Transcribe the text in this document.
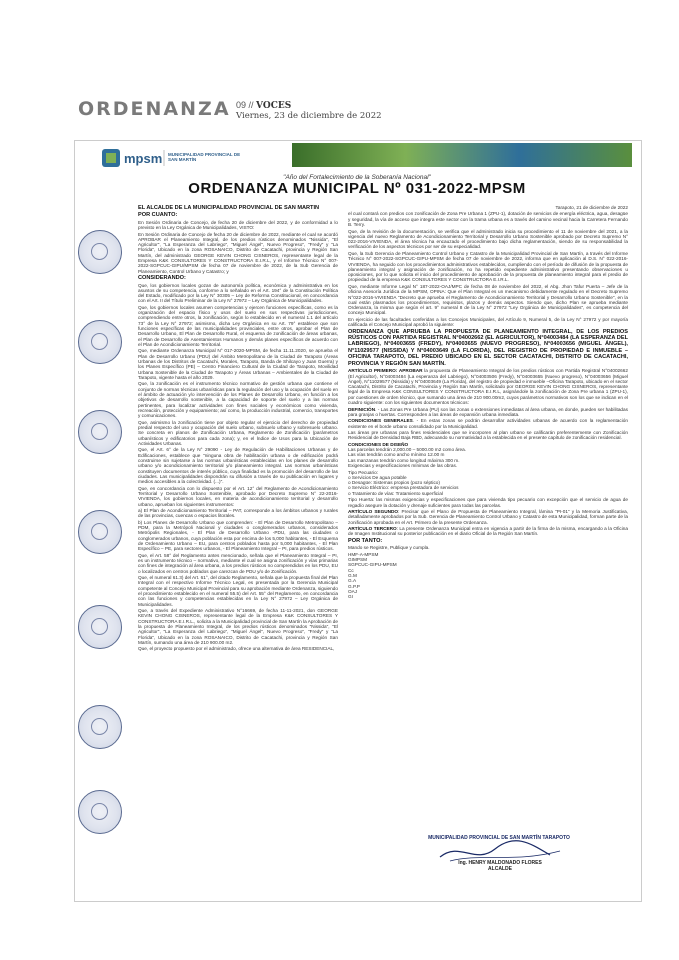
ORDENANZA 09 // VOCES
Viernes, 23 de diciembre de 2022
mpsm MUNICIPALIDAD PROVINCIAL DE SAN MARTÍN
"Año del Fortalecimiento de la Soberanía Nacional"
ORDENANZA MUNICIPAL Nº 031-2022-MPSM

EL ALCALDE DE LA MUNICIPALIDAD PROVINCIAL DE SAN MARTIN

POR CUANTO:

En Sesión Ordinaria de Concejo, de fecha 20 de diciembre del 2022, y de conformidad a lo previsto en la Ley Orgánica de Municipalidades, VISTO:

En Sesión Ordinaria de Concejo de fecha 20 de diciembre de 2022, mediante el cual se acordó APROBAR el Planeamiento Integral, de los predios rústicos denominados "Nissida", "El Agricultor", "La Esperanza del Labriego", "Miguel Ángel", Nuevo Progreso", "Fredy" y "La Florida", Ubicado en la zona ROSANAICO, Distrito de Cacatachi, provincia y Región San Martín, del administrado GEORGE KEVIN CHONG CISNEROS, representante legal de la Empresa K&K CONSULTORES Y CONSTRUCTORA E.I.R.L, y el Informe Técnico N° 007-2022-SGPCUC-GIPU/MPSM de fecha 07 de noviembre de 2022, de la Sub Gerencia de Planeamiento, Control Urbano y Catastro; y

CONSIDERANDO:

Que, los gobiernos locales gozan de autonomía política, económica y administrativa en los asuntos de su competencia, conforme a lo señalado en el Art. 194° de la Constitución Política del Estado, modificado por la Ley N° 30305 – Ley de Reforma Constitucional, en concordancia con el Art. II del Título Preliminar de la Ley N° 27972 – Ley Orgánica de Municipalidades.

Que, los gobiernos locales asumen competencias y ejercen funciones específicas, como es la organización del espacio físico y usos del suelo en sus respectivas jurisdicciones, comprendiendo entre otros, la zonificación, según lo establecido en el numeral 1.1 del artículo 73° de la Ley N° 27972; asimismo, dicha Ley Orgánica en su Art. 79° establece que son funciones específicas de las municipalidades provinciales, entre otros, aprobar el Plan de Desarrollo Urbano, El Plan de Desarrollo Rural, el esquema de zonificación de áreas urbanas, el Plan de Desarrollo de Asentamientos Humanos y demás planes específicos de acuerdo con el Plan de Acondicionamiento Territorial.

Que, mediante Ordenanza Municipal N° 017-2020-MPSM, de fecha 11.11.2020, se aprueba el Plan de Desarrollo Urbano (PDU) del Ámbito Metropolitano de la Ciudad de Tarapoto (Áreas Urbanas de los Distritos de Cacatachi, Morales, Tarapoto, Banda de Shilcayo y Juan Guerra) y los Planes Específico (PE) – Centro Financiero Cultural de la Ciudad de Tarapoto, Movilidad Urbana Sostenible de la Ciudad de Tarapoto y Áreas Urbanas – Ambientales de la Ciudad de Tarapoto, vigente hasta el año 2029.

Que, la zonificación es el instrumento técnico normativo de gestión urbana que contiene el conjunto de normas técnicas urbanísticas para la regulación del uso y la ocupación del suelo en el ámbito de actuación y/o intervención de los Planes de Desarrollo Urbano, en función a los objetivos de desarrollo sostenible, a la capacidad de soporte del suelo y a las normas pertinentes, para localizar actividades con fines sociales y económicos como vivienda, recreación, protección y equipamiento; así como, la producción industrial, comercio, transportes y comunicaciones.

Que, asimismo la zonificación tiene por objeto regular el ejercicio del derecho de propiedad predial respecto del uso y ocupación del suelo urbano, subsuelo urbano y sobresuelo urbano. Se concreta en planos de Zonificación Urbana, Reglamento de Zonificación (parámetros urbanísticos y edificatorios para cada zona); y, en el Índice de Usos para la Ubicación de Actividades Urbanas.

Que, el Art. 6° de la Ley N° 29090 - Ley de Regulación de Habilitaciones Urbanas y de Edificaciones, establece que "ninguna obra de habilitación urbana o de edificación podrá construirse sin sujetarse a las normas urbanísticas establecidas en los planes de desarrollo urbano y/o acondicionamiento territorial y/o planeamiento integral. Las normas urbanísticas constituyen documentos de interés público, cuya finalidad es la promoción del desarrollo de las ciudades. Las municipalidades dispondrán su difusión a través de su publicación en lugares y medios accesibles a la colectividad. (...)".

Que, en concordancia con lo dispuesto por el Art. 12° del Reglamento de Acondicionamiento Territorial y Desarrollo Urbano Sostenible, aprobado por Decreto Supremo N° 22-2016-VIVIENDA, los gobiernos locales, en materia de acondicionamiento territorial y desarrollo urbano, aprueban los siguientes instrumentos:

a) El Plan de Acondicionamiento Territorial – PAT, corresponde a los ámbitos urbanos y rurales de las provincias, cuencas o espacios litorales.

b) Los Planes de Desarrollo Urbano que comprenden: - El Plan de Desarrollo Metropolitano – PDM, para la Metrópoli Nacional y ciudades o conglomerados urbanos, considerados Metrópolis Regionales, - El Plan de Desarrollo Urbano -PDU, para las ciudades o conglomerados urbanos, cuya población esta por encima de los 5,000 habitantes, - El Esquema de Ordenamiento Urbano – EU, para centros poblados hasta por 5,000 habitantes, - El Plan Específico – PE, para sectores urbanos, - El Planeamiento Integral – PI, para predios rústicos.

Que, el Art. 58° del Reglamento antes mencionado, señala que el Planeamiento Integral – PI, es un instrumento técnico – normativo, mediante el cual se asigna zonificación y vías primarias con fines de integración al área urbana, a los predios rústicos no comprendidos en los PDU, EU o localizados en centros poblados que carezcan de PDU y/o de Zonificación.

Que, el numeral 61.3) del Art. 61°, del citado Reglamento, señala que la propuesta final del Plan Integral con el respectivo Informe Técnico Legal, es presentada por la Gerencia Municipal competente al Concejo Municipal Provincial para su aprobación mediante Ordenanza, siguiendo el procedimiento establecido en el numeral 55.5) del Art. 55° del Reglamento, en concordancia con las funciones y competencias establecidas en la Ley N° 27972 – Ley Orgánica de Municipalidades.

Que, a través del Expediente Administrativo N°16669, de fecha 11-11-2021, don GEORGE KEVIN CHONG CISNEROS, representante legal de la Empresa K&K CONSULTORES Y CONSTRUCTORA E.I.R.L., solicita a la Municipalidad provincial de San Martín la Aprobación de la propuesta de Planeamiento Integral, de los predios rústicos denominados "Nissida", "El Agricultor", "La Esperanza del Labriego", "Miguel Ángel", Nuevo Progreso", "Fredy" y "La Florida", Ubicado en la zona ROSANAICO, Distrito de Cacatachi, provincia y Región San Martín, sumando una área de 210 900.00 m2.

Que, el proyecto propuesto por el administrado, ofrece una alternativa de área RESIDENCIAL,

Tarapoto, 21 de diciembre de 2022

el cual contará con predios con zonificación de Zona Pre Urbana 1 (ZPU-1), dotación de servicios de energía eléctrica, agua, desagüe y seguridad, la vía de acceso que integra este sector con la trama urbana es a través del camino vecinal hacia la Carretera Fernando B. Terry.

Que, de la revisión de la documentación, se verifica que el administrado inicia su procedimiento el 11 de noviembre del 2021, a la vigencia del nuevo Reglamento de Acondicionamiento Territorial y Desarrollo Urbano Sostenible aprobado por Decreto Supremo N° 022-2016-VIVIENDA, el área técnica ha encauzado el procedimiento bajo dicha reglamentación, siendo de su responsabilidad la verificación de los aspectos técnicos por ser de su especialidad.

Que, la Sub Gerencia de Planeamiento Control Urbano y Catastro de la Municipalidad Provincial de San Martín, a través del Informe Técnico N° 007-2022-SGPCUC-GIPU-MPSM de fecha 07 de noviembre de 2022, informa que en aplicación al D.S. N° 022-2016-VIVIENDA, ha seguido con los procedimientos administrativos establecidos, cumpliendo con el período de difusión de la propuesta de planeamiento integral y asignación de zonificación, no ha repetido expediente administrativo presentando observaciones u oposiciones, por lo que solicita el inicio del procedimiento de aprobación de la propuesta de planeamiento integral para el predio de propiedad de la empresa K&K CONSULTORES Y CONSTRUCTORA E.I.R.L.

Que, mediante Informe Legal N° 187-2022-OAJ/MPC de fecha 08 de noviembre del 2022, el Abg. Jhon Tafur Puerta – Jefe de la oficina Asesoría Jurídica de la MPSM, OPINA: Que el Plan Integral es un mecanismo debidamente regulado en el Decreto Supremo N°022-2016-VIVIENDA "Decreto que aprueba el Reglamento de Acondicionamiento Territorial y Desarrollo Urbano Sostenible", en la cual están plasmados los procedimientos, requisitos, plazos y demás aspectos. Siendo que, dicho Plan se aprueba mediante Ordenanza, la misma que según el art. 9° numeral 8 de la Ley N° 27972 "Ley Orgánica de Municipalidades", es competencia del concejo Municipal.

En ejercicio de las facultades conferidas a los Concejos Municipales, del Artículo 9, Numeral 5, de la Ley N° 27972 y por mayoría calificada el Concejo Municipal aprobó la siguiente:

ORDENANZA QUE APRUEBA LA PROPUESTA DE PLANEAMIENTO INTEGRAL, DE LOS PREDIOS RÚSTICOS CON PARTIDA REGISTRAL N°04002662 (EL AGRICULTOR), N°04003484 (LA ESPERANZA DEL LABRIEGO), N°04003655 (FREDY), N°04003655 (NUEVO PROGRESO), N°04003656 (MIGUEL ÁNGEL), N°11029577 (NISSIDA) Y N°04003649 (LA FLORIDA), DEL REGISTRO DE PROPIEDAD E INMUEBLE –OFICINA TARAPOTO, DEL PREDIO UBICADO EN EL SECTOR CACATACHI, DISTRITO DE CACATACHI, PROVINCIA Y REGIÓN SAN MARTÍN.

ARTÍCULO PRIMERO: APROBAR la propuesta de Planeamiento Integral de los predios rústicos con Partida Registral N°04002662 (El Agricultor), N°04003484 (La esperanza del Labriego), N°04003506 (Fredy), N°04003655 (Nuevo progreso), N°04003656 (Miguel Ángel), N°11029577 (Nissida) y N°04003649 (La Florida), del registro de propiedad e inmueble –Oficina Tarapoto, ubicado en el sector Cacatachi, Distrito de Cacatachi, Provincia y Región San Martín, solicitado por GEORGE KEVIN CHONG CISNEROS, representante legal de la Empresa K&K CONSULTORES Y CONSTRUCTORA E.I.R.L, asignándole la zonificación de Zona Pre urbana 1 (ZPU-1), por cuestiones de orden técnico, que sumando una área de 210 900.00m2, cuyos parámetros normativos son los que se indican en el cuadro siguiente: con los siguientes documentos técnicos:

DEFINICIÓN. - Las Zonas Pre Urbana (PU) son las zonas o extensiones inmediatas al área urbana, en donde, pueden ser habilitadas para granjas o huertas. Corresponden a las áreas de expansión urbana inmediata.

CONDICIONES GENERALES. - En estas zonas se podrán desarrollar actividades urbanas de acuerdo con la reglamentación existente en el borde urbano consolidado por la Municipalidad.

Las áreas pre urbanas para fines residenciales que se incorporen al plan urbano se calificarán preferentemente con Zonificación Residencial de Densidad Baja RBD, adecuando su normatividad a la establecida en el presente capítulo de zonificación residencial.

CONDICIONES DE DISEÑO
Las parcelas tendrán 2,000.00 – 5000.00 m2 como área.
Las vías tendrán como ancho mínimo 12.00 m
Las manzanas tendrán como longitud máxima 300 m.
Exigencias y especificaciones mínimas de las obras.

Tipo Pecuario:
o Servicios De agua potable
o Desagüe: Sistemas propios (pozo séptico)
o Servicio Eléctrico: empresa prestadora de servicios
o Tratamiento de vías: Tratamiento superficial

Tipo Huerta: las mismas exigencias y especificaciones que para vivienda tipo pecuario con excepción que el servicio de agua de regadío asegure la dotación y drenaje suficientes para todas las parcelas.

ARTÍCULO SEGUNDO: Precisar que el Plano de Propuesta de Planeamiento Integral, lámina "PI-01" y la Memoria Justificativa, detalladamente aprobados por la Sub. Gerencia de Planeamiento Control Urbano y Catastro de esta Municipalidad, forman parte de la zonificación aprobada en el Art. Primero de la presente Ordenanza.

ARTÍCULO TERCERO: La presente Ordenanza Municipal entra en vigencia a partir de la firma de la misma, encargando a la Oficina de Imagen Institucional su posterior publicación en el diario Oficial de la Región San Martín.

POR TANTO:

Mando se Registre, Publique y cumpla.

HMF-A-MPSM
GIMPSM
SGPCUC-GIPU-MPSM
Cc
G.M
G.A
G.P.P
OAJ
GI

MUNICIPALIDAD PROVINCIAL DE SAN MARTÍN TARAPOTO
Ing. HENRY MALDONADO FLORES
ALCALDE
